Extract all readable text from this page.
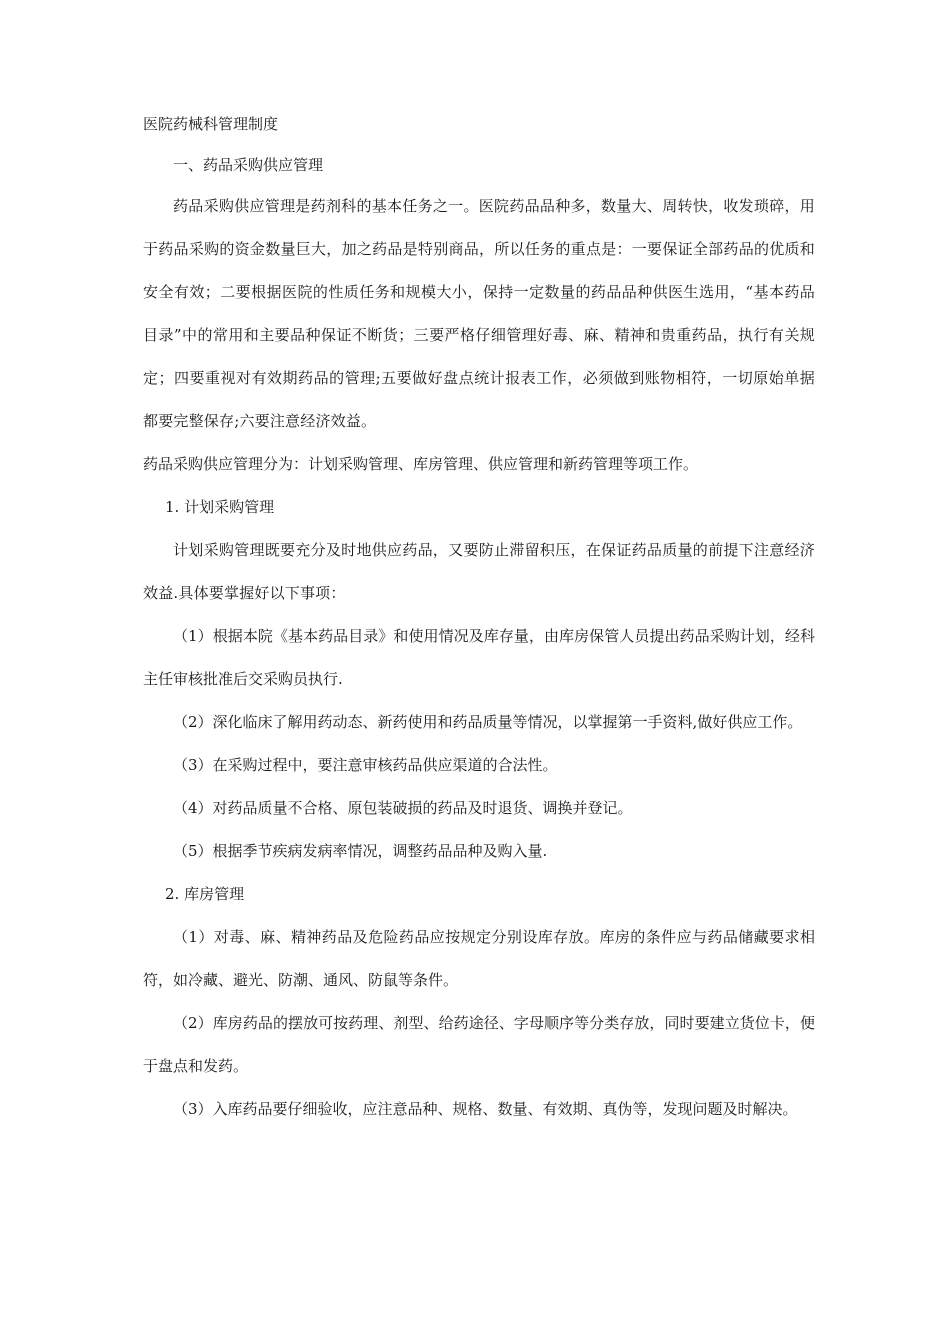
医院药械科管理制度
一、药品采购供应管理
药品采购供应管理是药剂科的基本任务之一。医院药品品种多，数量大、周转快，收发琐碎，用于药品采购的资金数量巨大，加之药品是特别商品，所以任务的重点是：一要保证全部药品的优质和安全有效；二要根据医院的性质任务和规模大小，保持一定数量的药品品种供医生选用，“基本药品目录”中的常用和主要品种保证不断货；三要严格仔细管理好毒、麻、精神和贵重药品，执行有关规定；四要重视对有效期药品的管理;五要做好盘点统计报表工作，必须做到账物相符，一切原始单据都要完整保存;六要注意经济效益。
药品采购供应管理分为：计划采购管理、库房管理、供应管理和新药管理等项工作。
1. 计划采购管理
计划采购管理既要充分及时地供应药品，又要防止滞留积压，在保证药品质量的前提下注意经济效益.具体要掌握好以下事项：
（1）根据本院《基本药品目录》和使用情况及库存量，由库房保管人员提出药品采购计划，经科主任审核批准后交采购员执行.
（2）深化临床了解用药动态、新药使用和药品质量等情况，以掌握第一手资料,做好供应工作。
（3）在采购过程中，要注意审核药品供应渠道的合法性。
（4）对药品质量不合格、原包装破损的药品及时退货、调换并登记。
（5）根据季节疾病发病率情况，调整药品品种及购入量.
2. 库房管理
（1）对毒、麻、精神药品及危险药品应按规定分别设库存放。库房的条件应与药品储藏要求相符，如冷藏、避光、防潮、通风、防鼠等条件。
（2）库房药品的摆放可按药理、剂型、给药途径、字母顺序等分类存放，同时要建立货位卡，便于盘点和发药。
（3）入库药品要仔细验收，应注意品种、规格、数量、有效期、真伪等，发现问题及时解决。
